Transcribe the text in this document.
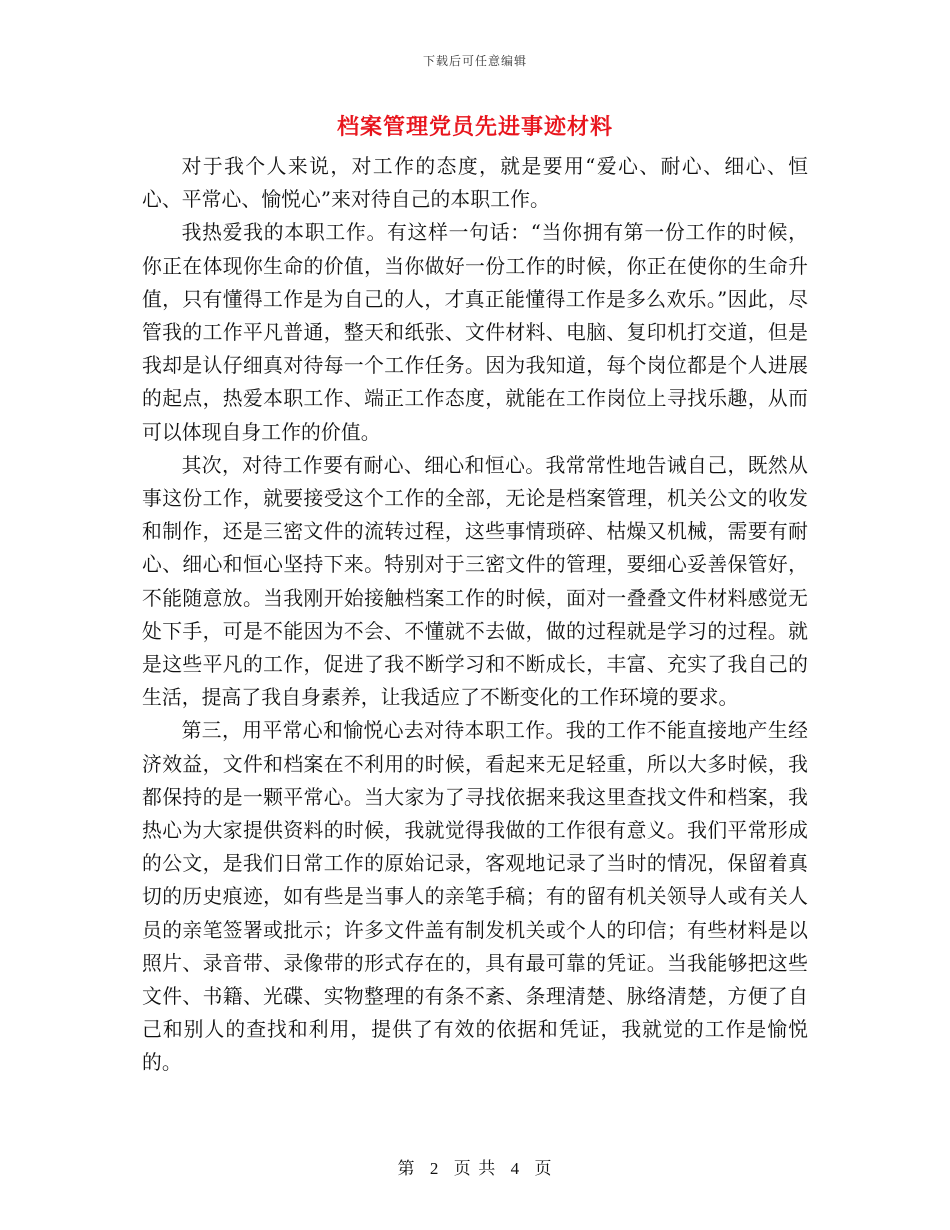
下载后可任意编辑
档案管理党员先进事迹材料

对于我个人来说，对工作的态度，就是要用“爱心、耐心、细心、恒心、平常心、愉悦心”来对待自己的本职工作。

我热爱我的本职工作。有这样一句话：“当你拥有第一份工作的时候，你正在体现你生命的价值，当你做好一份工作的时候，你正在使你的生命升值，只有懂得工作是为自己的人，才真正能懂得工作是多么欢乐。”因此，尽管我的工作平凡普通，整天和纸张、文件材料、电脑、复印机打交道，但是我却是认仔细真对待每一个工作任务。因为我知道，每个岗位都是个人进展的起点，热爱本职工作、端正工作态度，就能在工作岗位上寻找乐趣，从而可以体现自身工作的价值。

其次，对待工作要有耐心、细心和恒心。我常常性地告诫自己，既然从事这份工作，就要接受这个工作的全部，无论是档案管理，机关公文的收发和制作，还是三密文件的流转过程，这些事情琐碎、枯燥又机械，需要有耐心、细心和恒心坚持下来。特别对于三密文件的管理，要细心妥善保管好，不能随意放。当我刚开始接触档案工作的时候，面对一叠叠文件材料感觉无处下手，可是不能因为不会、不懂就不去做，做的过程就是学习的过程。就是这些平凡的工作，促进了我不断学习和不断成长，丰富、充实了我自己的生活，提高了我自身素养，让我适应了不断变化的工作环境的要求。

第三，用平常心和愉悦心去对待本职工作。我的工作不能直接地产生经济效益，文件和档案在不利用的时候，看起来无足轻重，所以大多时候，我都保持的是一颗平常心。当大家为了寻找依据来我这里查找文件和档案，我热心为大家提供资料的时候，我就觉得我做的工作很有意义。我们平常形成的公文，是我们日常工作的原始记录，客观地记录了当时的情况，保留着真切的历史痕迹，如有些是当事人的亲笔手稿；有的留有机关领导人或有关人员的亲笔签署或批示；许多文件盖有制发机关或个人的印信；有些材料是以照片、录音带、录像带的形式存在的，具有最可靠的凭证。当我能够把这些文件、书籍、光碟、实物整理的有条不紊、条理清楚、脉络清楚，方便了自己和别人的查找和利用，提供了有效的依据和凭证，我就觉的工作是愉悦的。

第 2 页 共 4 页
